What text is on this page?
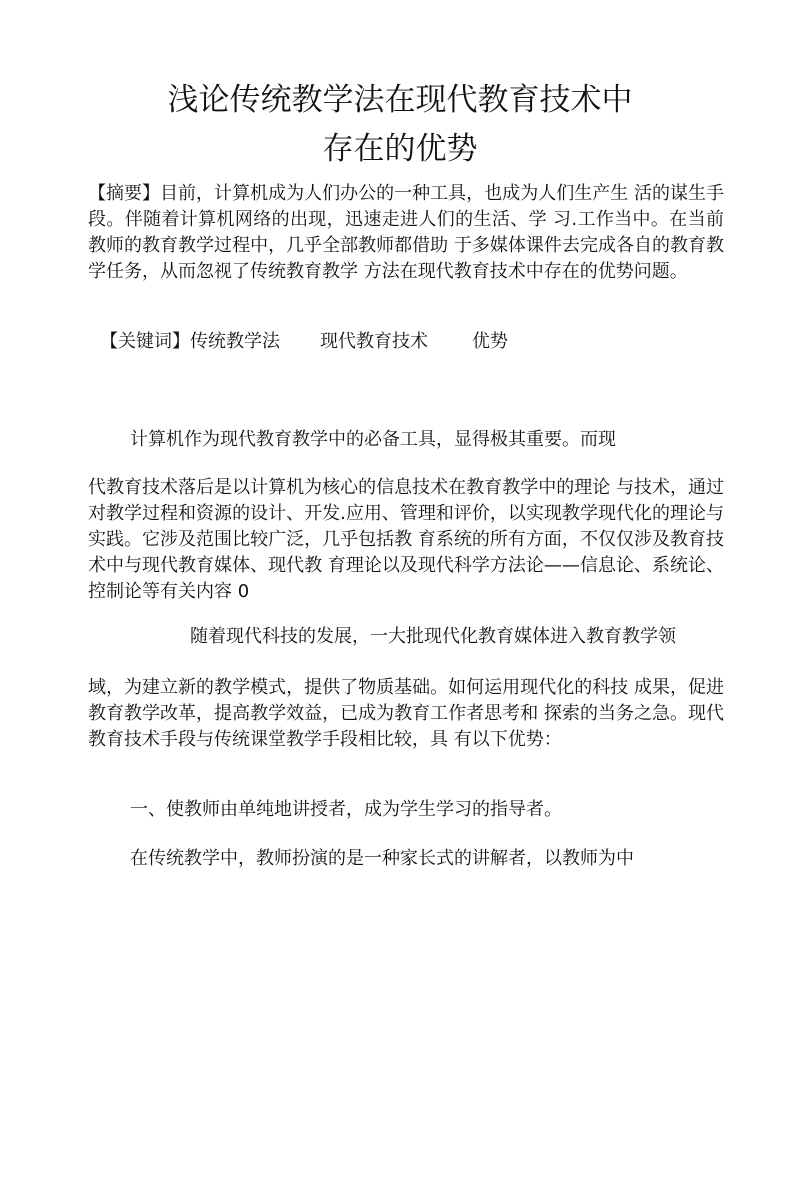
浅论传统教学法在现代教育技术中
存在的优势

【摘要】目前，计算机成为人们办公的一种工具，也成为人们生产生 活的谋生手段。伴随着计算机网络的出现，迅速走进人们的生活、学 习.工作当中。在当前教师的教育教学过程中，几乎全部教师都借助 于多媒体课件去完成各自的教育教学任务，从而忽视了传统教育教学 方法在现代教育技术中存在的优势问题。

【关键词】传统教学法 现代教育技术 优势

计算机作为现代教育教学中的必备工具，显得极其重要。而现

代教育技术落后是以计算机为核心的信息技术在教育教学中的理论 与技术，通过对教学过程和资源的设计、开发.应用、管理和评价，以实现教学现代化的理论与实践。它涉及范围比较广泛，几乎包括教 育系统的所有方面，不仅仅涉及教育技术中与现代教育媒体、现代教 育理论以及现代科学方法论——信息论、系统论、控制论等有关内容 0

随着现代科技的发展，一大批现代化教育媒体进入教育教学领

域，为建立新的教学模式，提供了物质基础。如何运用现代化的科技 成果，促进教育教学改革，提高教学效益，已成为教育工作者思考和 探索的当务之急。现代教育技术手段与传统课堂教学手段相比较，具 有以下优势：

一、使教师由单纯地讲授者，成为学生学习的指导者。

在传统教学中，教师扮演的是一种家长式的讲解者，以教师为中
